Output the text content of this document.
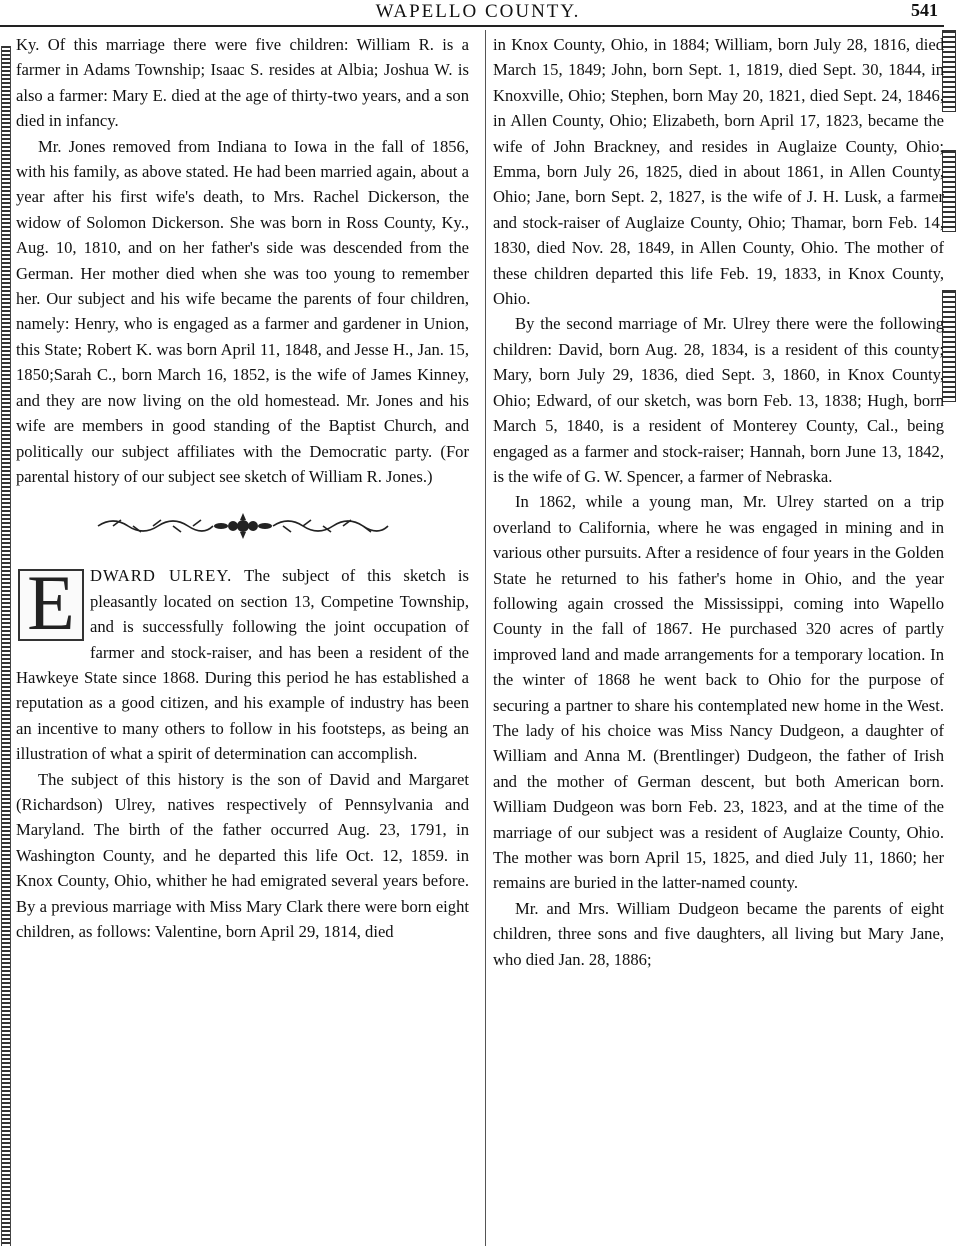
WAPELLO COUNTY.	541

Ky. Of this marriage there were five children: William R. is a farmer in Adams Township; Isaac S. resides at Albia; Joshua W. is also a farmer: Mary E. died at the age of thirty-two years, and a son died in infancy.

Mr. Jones removed from Indiana to Iowa in the fall of 1856, with his family, as above stated. He had been married again, about a year after his first wife's death, to Mrs. Rachel Dickerson, the widow of Solomon Dickerson. She was born in Ross County, Ky., Aug. 10, 1810, and on her father's side was descended from the German. Her mother died when she was too young to remember her. Our subject and his wife became the parents of four children, namely: Henry, who is engaged as a farmer and gardener in Union, this State; Robert K. was born April 11, 1848, and Jesse H., Jan. 15, 1850;Sarah C., born March 16, 1852, is the wife of James Kinney, and they are now living on the old homestead. Mr. Jones and his wife are members in good standing of the Baptist Church, and politically our subject affiliates with the Democratic party. (For parental history of our subject see sketch of William R. Jones.)

E DWARD ULREY. The subject of this sketch is pleasantly located on section 13, Competine Township, and is successfully following the joint occupation of farmer and stock-raiser, and has been a resident of the Hawkeye State since 1868. During this period he has established a reputation as a good citizen, and his example of industry has been an incentive to many others to follow in his footsteps, as being an illustration of what a spirit of determination can accomplish.

The subject of this history is the son of David and Margaret (Richardson) Ulrey, natives respectively of Pennsylvania and Maryland. The birth of the father occurred Aug. 23, 1791, in Washington County, and he departed this life Oct. 12, 1859. in Knox County, Ohio, whither he had emigrated several years before. By a previous marriage with Miss Mary Clark there were born eight children, as follows: Valentine, born April 29, 1814, died

in Knox County, Ohio, in 1884; William, born July 28, 1816, died March 15, 1849; John, born Sept. 1, 1819, died Sept. 30, 1844, in Knoxville, Ohio; Stephen, born May 20, 1821, died Sept. 24, 1846, in Allen County, Ohio; Elizabeth, born April 17, 1823, became the wife of John Brackney, and resides in Auglaize County, Ohio; Emma, born July 26, 1825, died in about 1861, in Allen County, Ohio; Jane, born Sept. 2, 1827, is the wife of J. H. Lusk, a farmer and stock-raiser of Auglaize County, Ohio; Thamar, born Feb. 14, 1830, died Nov. 28, 1849, in Allen County, Ohio. The mother of these children departed this life Feb. 19, 1833, in Knox County, Ohio.

By the second marriage of Mr. Ulrey there were the following children: David, born Aug. 28, 1834, is a resident of this county; Mary, born July 29, 1836, died Sept. 3, 1860, in Knox County, Ohio; Edward, of our sketch, was born Feb. 13, 1838; Hugh, born March 5, 1840, is a resident of Monterey County, Cal., being engaged as a farmer and stock-raiser; Hannah, born June 13, 1842, is the wife of G. W. Spencer, a farmer of Nebraska.

In 1862, while a young man, Mr. Ulrey started on a trip overland to California, where he was engaged in mining and in various other pursuits. After a residence of four years in the Golden State he returned to his father's home in Ohio, and the year following again crossed the Mississippi, coming into Wapello County in the fall of 1867. He purchased 320 acres of partly improved land and made arrangements for a temporary location. In the winter of 1868 he went back to Ohio for the purpose of securing a partner to share his contemplated new home in the West. The lady of his choice was Miss Nancy Dudgeon, a daughter of William and Anna M. (Brentlinger) Dudgeon, the father of Irish and the mother of German descent, but both American born. William Dudgeon was born Feb. 23, 1823, and at the time of the marriage of our subject was a resident of Auglaize County, Ohio. The mother was born April 15, 1825, and died July 11, 1860; her remains are buried in the latter-named county.

Mr. and Mrs. William Dudgeon became the parents of eight children, three sons and five daughters, all living but Mary Jane, who died Jan. 28, 1886;
